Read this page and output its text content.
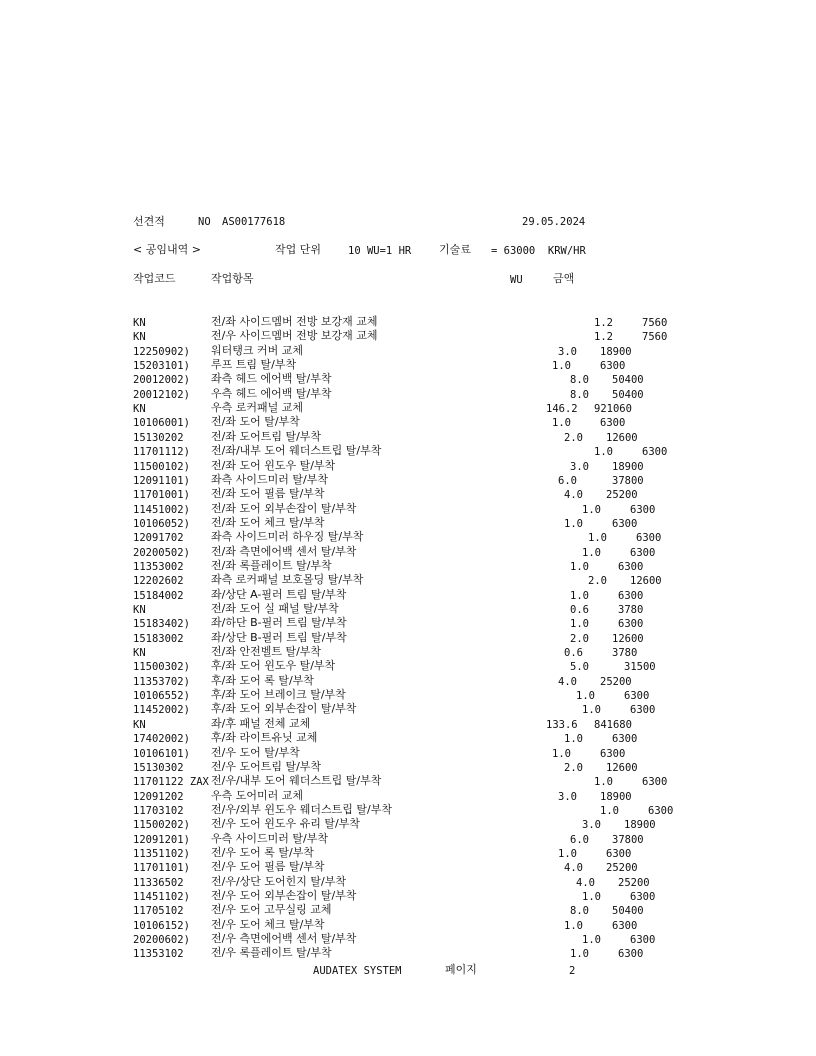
선견적	NO AS00177618	29.05.2024
< 공임내역 >	작업 단위	10 WU=1 HR	기술료 = 63000  KRW/HR
작업코드	작업항목	WU	금액
KN	전/좌 사이드멤버 전방 보강재 교체	1.2	7560
KN	전/우 사이드멤버 전방 보강재 교체	1.2	7560
12250902) 워터탱크 커버 교체	3.0 18900
15203101) 루프 트림 탈/부착	1.0	6300
20012002) 좌측 헤드 에어백 탈/부착	8.0 50400
20012102) 우측 헤드 에어백 탈/부착	8.0 50400
KN	우측 로커패널 교체	146.2 921060
10106001) 전/좌 도어 탈/부착	1.0	6300
15130202 전/좌 도어트림 탈/부착	2.0 12600
11701112) 전/좌/내부 도어 웨더스트립 탈/부착	1.0	6300
11500102) 전/좌 도어 윈도우 탈/부착	3.0 18900
12091101) 좌측 사이드미러 탈/부착	6.0	37800
11701001) 전/좌 도어 필름 탈/부착	4.0 25200
11451002) 전/좌 도어 외부손잡이 탈/부착	1.0	6300
10106052) 전/좌 도어 체크 탈/부착	1.0	6300
12091702 좌측 사이드미러 하우징 탈/부착	1.0	6300
20200502) 전/좌 측면에어백 센서 탈/부착	1.0	6300
11353002 전/좌 록플레이트 탈/부착	1.0	6300
12202602 좌측 로커패널 보호몰딩 탈/부착	2.0 12600
15184002 좌/상단 A-필러 트림 탈/부착	1.0	6300
KN	전/좌 도어 실 패널 탈/부착	0.6	3780
15183402) 좌/하단 B-필러 트림 탈/부착	1.0	6300
15183002 좌/상단 B-필러 트림 탈/부착	2.0 12600
KN	전/좌 안전벨트 탈/부착	0.6	3780
11500302) 후/좌 도어 윈도우 탈/부착	5.0	31500
11353702) 후/좌 도어 록 탈/부착	4.0 25200
10106552) 후/좌 도어 브레이크 탈/부착	1.0	6300
11452002) 후/좌 도어 외부손잡이 탈/부착	1.0	6300
KN	좌/후 패널 전체 교체	133.6 841680
17402002) 후/좌 라이트유닛 교체	1.0	6300
10106101) 전/우 도어 탈/부착	1.0	6300
15130302 전/우 도어트림 탈/부착	2.0 12600
11701122 ZAX 전/우/내부 도어 웨더스트립 탈/부착	1.0	6300
12091202 우측 도어미러 교체	3.0 18900
11703102 전/우/외부 윈도우 웨더스트립 탈/부착	1.0	6300
11500202) 전/우 도어 윈도우 유리 탈/부착	3.0 18900
12091201) 우측 사이드미러 탈/부착	6.0 37800
11351102) 전/우 도어 록 탈/부착	1.0	6300
11701101) 전/우 도어 필름 탈/부착	4.0 25200
11336502 전/우/상단 도어힌지 탈/부착	4.0 25200
11451102) 전/우 도어 외부손잡이 탈/부착	1.0	6300
11705102 전/우 도어 고무실링 교체	8.0 50400
10106152) 전/우 도어 체크 탈/부착	1.0	6300
20200602) 전/우 측면에어백 센서 탈/부착	1.0	6300
11353102 전/우 록플레이트 탈/부착	1.0	6300
AUDATEX SYSTEM	페이지	2
